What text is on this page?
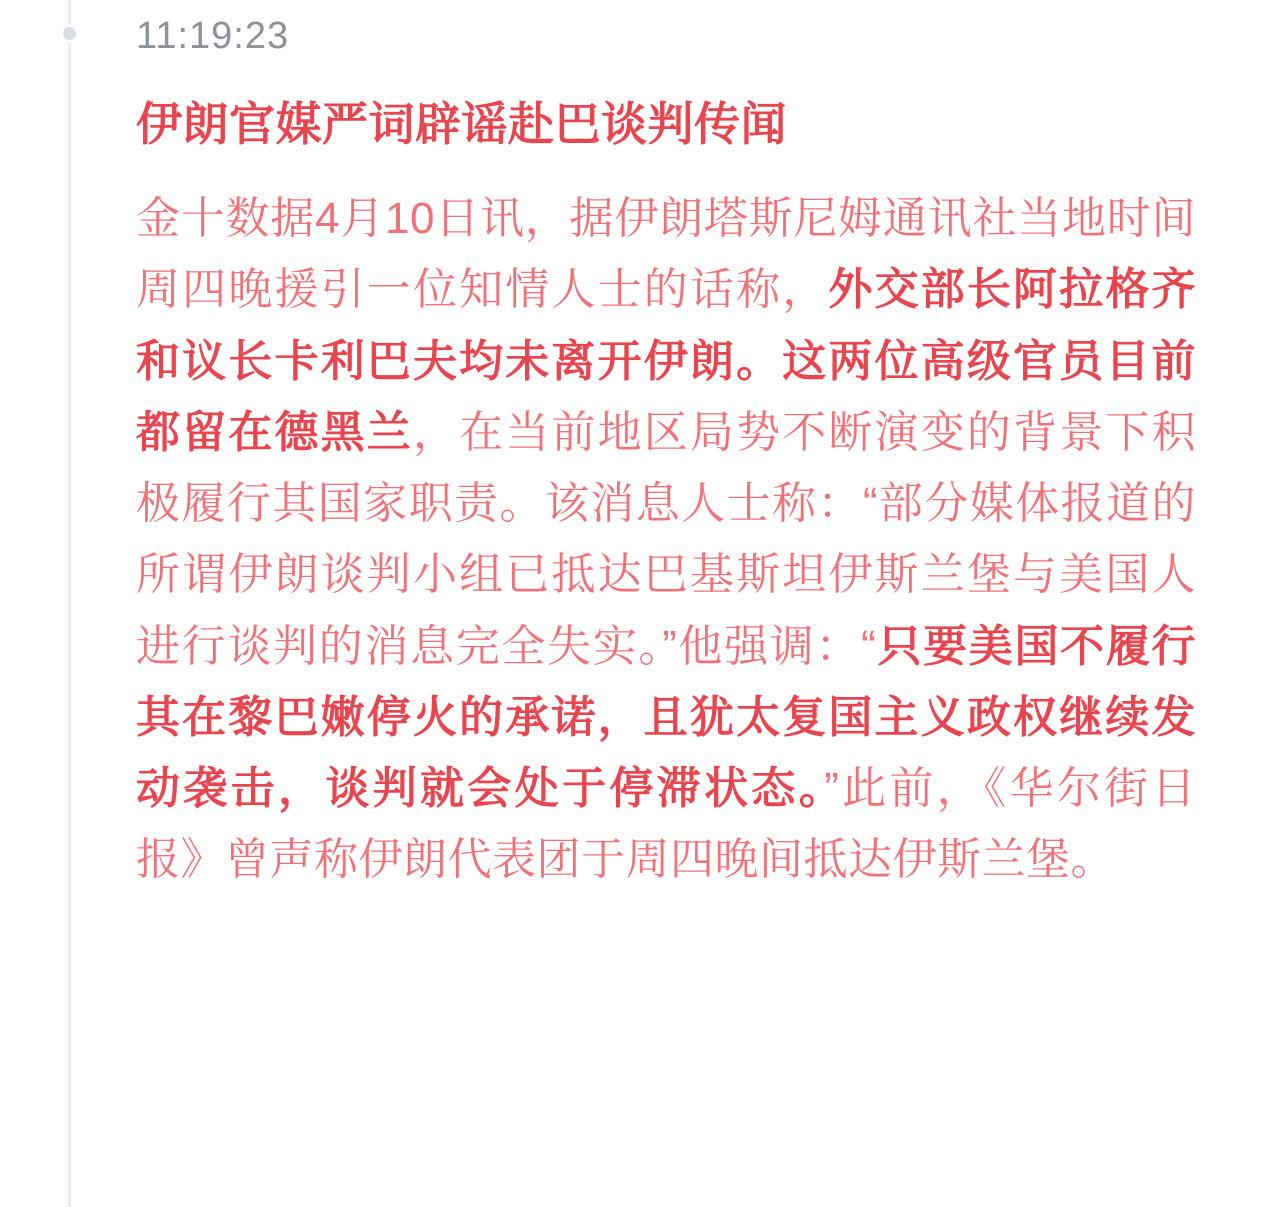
11:19:23
伊朗官媒严词辟谣赴巴谈判传闻

金十数据4月10日讯，据伊朗塔斯尼姆通讯社当地时间周四晚援引一位知情人士的话称，外交部长阿拉格齐和议长卡利巴夫均未离开伊朗。这两位高级官员目前都留在德黑兰，在当前地区局势不断演变的背景下积极履行其国家职责。该消息人士称：“部分媒体报道的所谓伊朗谈判小组已抵达巴基斯坦伊斯兰堡与美国人进行谈判的消息完全失实。”他强调：“只要美国不履行其在黎巴嫩停火的承诺，且犹太复国主义政权继续发动袭击，谈判就会处于停滞状态。”此前，《华尔街日报》曾声称伊朗代表团于周四晚间抵达伊斯兰堡。
